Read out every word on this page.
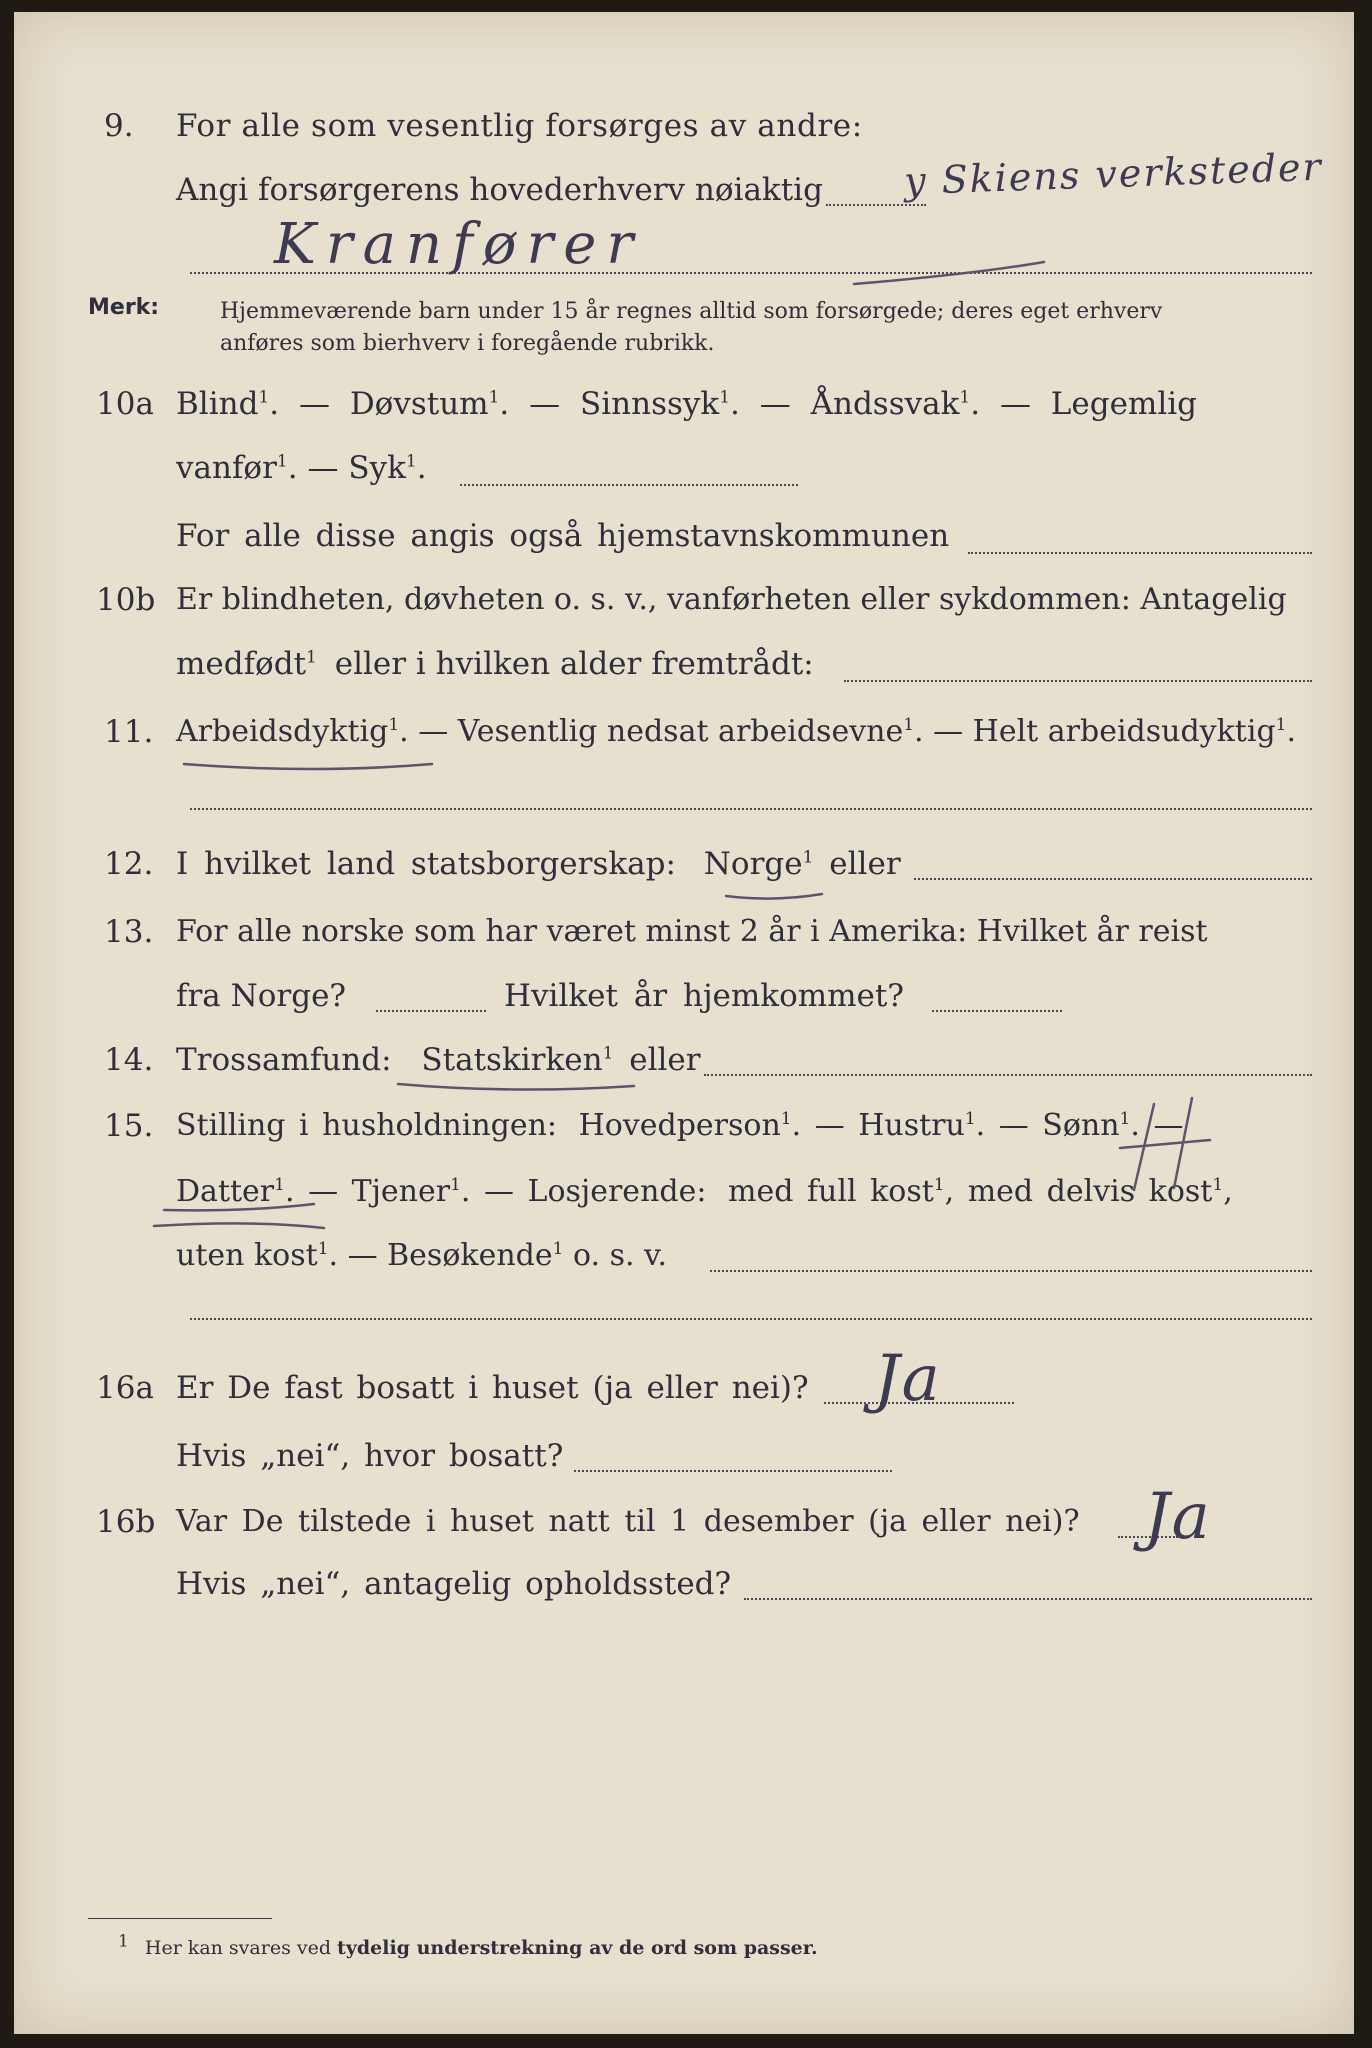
9. For alle som vesentlig forsørges av andre:
Angi forsørgerens hovederhverv nøiaktig y Skiens verksteder
Kranfører
Merk:	Hjemmeværende barn under 15 år regnes alltid som forsørgede; deres eget erhverv
anføres som bierhverv i foregående rubrikk.
10a Blind$^1$. — Døvstum$^1$. — Sinnssyk$^1$. — Åndssvak$^1$. — Legemlig
vanfør$^1$. — Syk$^1$.
For alle disse angis også hjemstavnskommunen
10b Er blindheten, døvheten o. s. v., vanførheten eller sykdommen: Antagelig
medfødt$^1$ eller i hvilken alder fremtrådt:
11. Arbeidsdyktig$^1$. — Vesentlig nedsat arbeidsevne$^1$. — Helt arbeidsudyktig$^1$.
12. I hvilket land statsborgerskap: Norge$^1$ eller
13. For alle norske som har været minst 2 år i Amerika: Hvilket år reist
fra Norge?	Hvilket år hjemkommet?
14. Trossamfund: Statskirken$^1$ eller
15. Stilling i husholdningen: Hovedperson$^1$. — Hustru$^1$. — Sønn$^1$. —
Datter$^1$. — Tjener$^1$. — Losjerende: med full kost$^1$, med delvis kost$^1$,
uten kost$^1$. — Besøkende$^1$ o. s. v.
16a Er De fast bosatt i huset (ja eller nei)? Ja
Hvis „nei“, hvor bosatt?
16b Var De tilstede i huset natt til 1 desember (ja eller nei)? Ja
Hvis „nei“, antagelig opholdssted?
$^1$ Her kan svares ved tydelig understrekning av de ord som passer.
